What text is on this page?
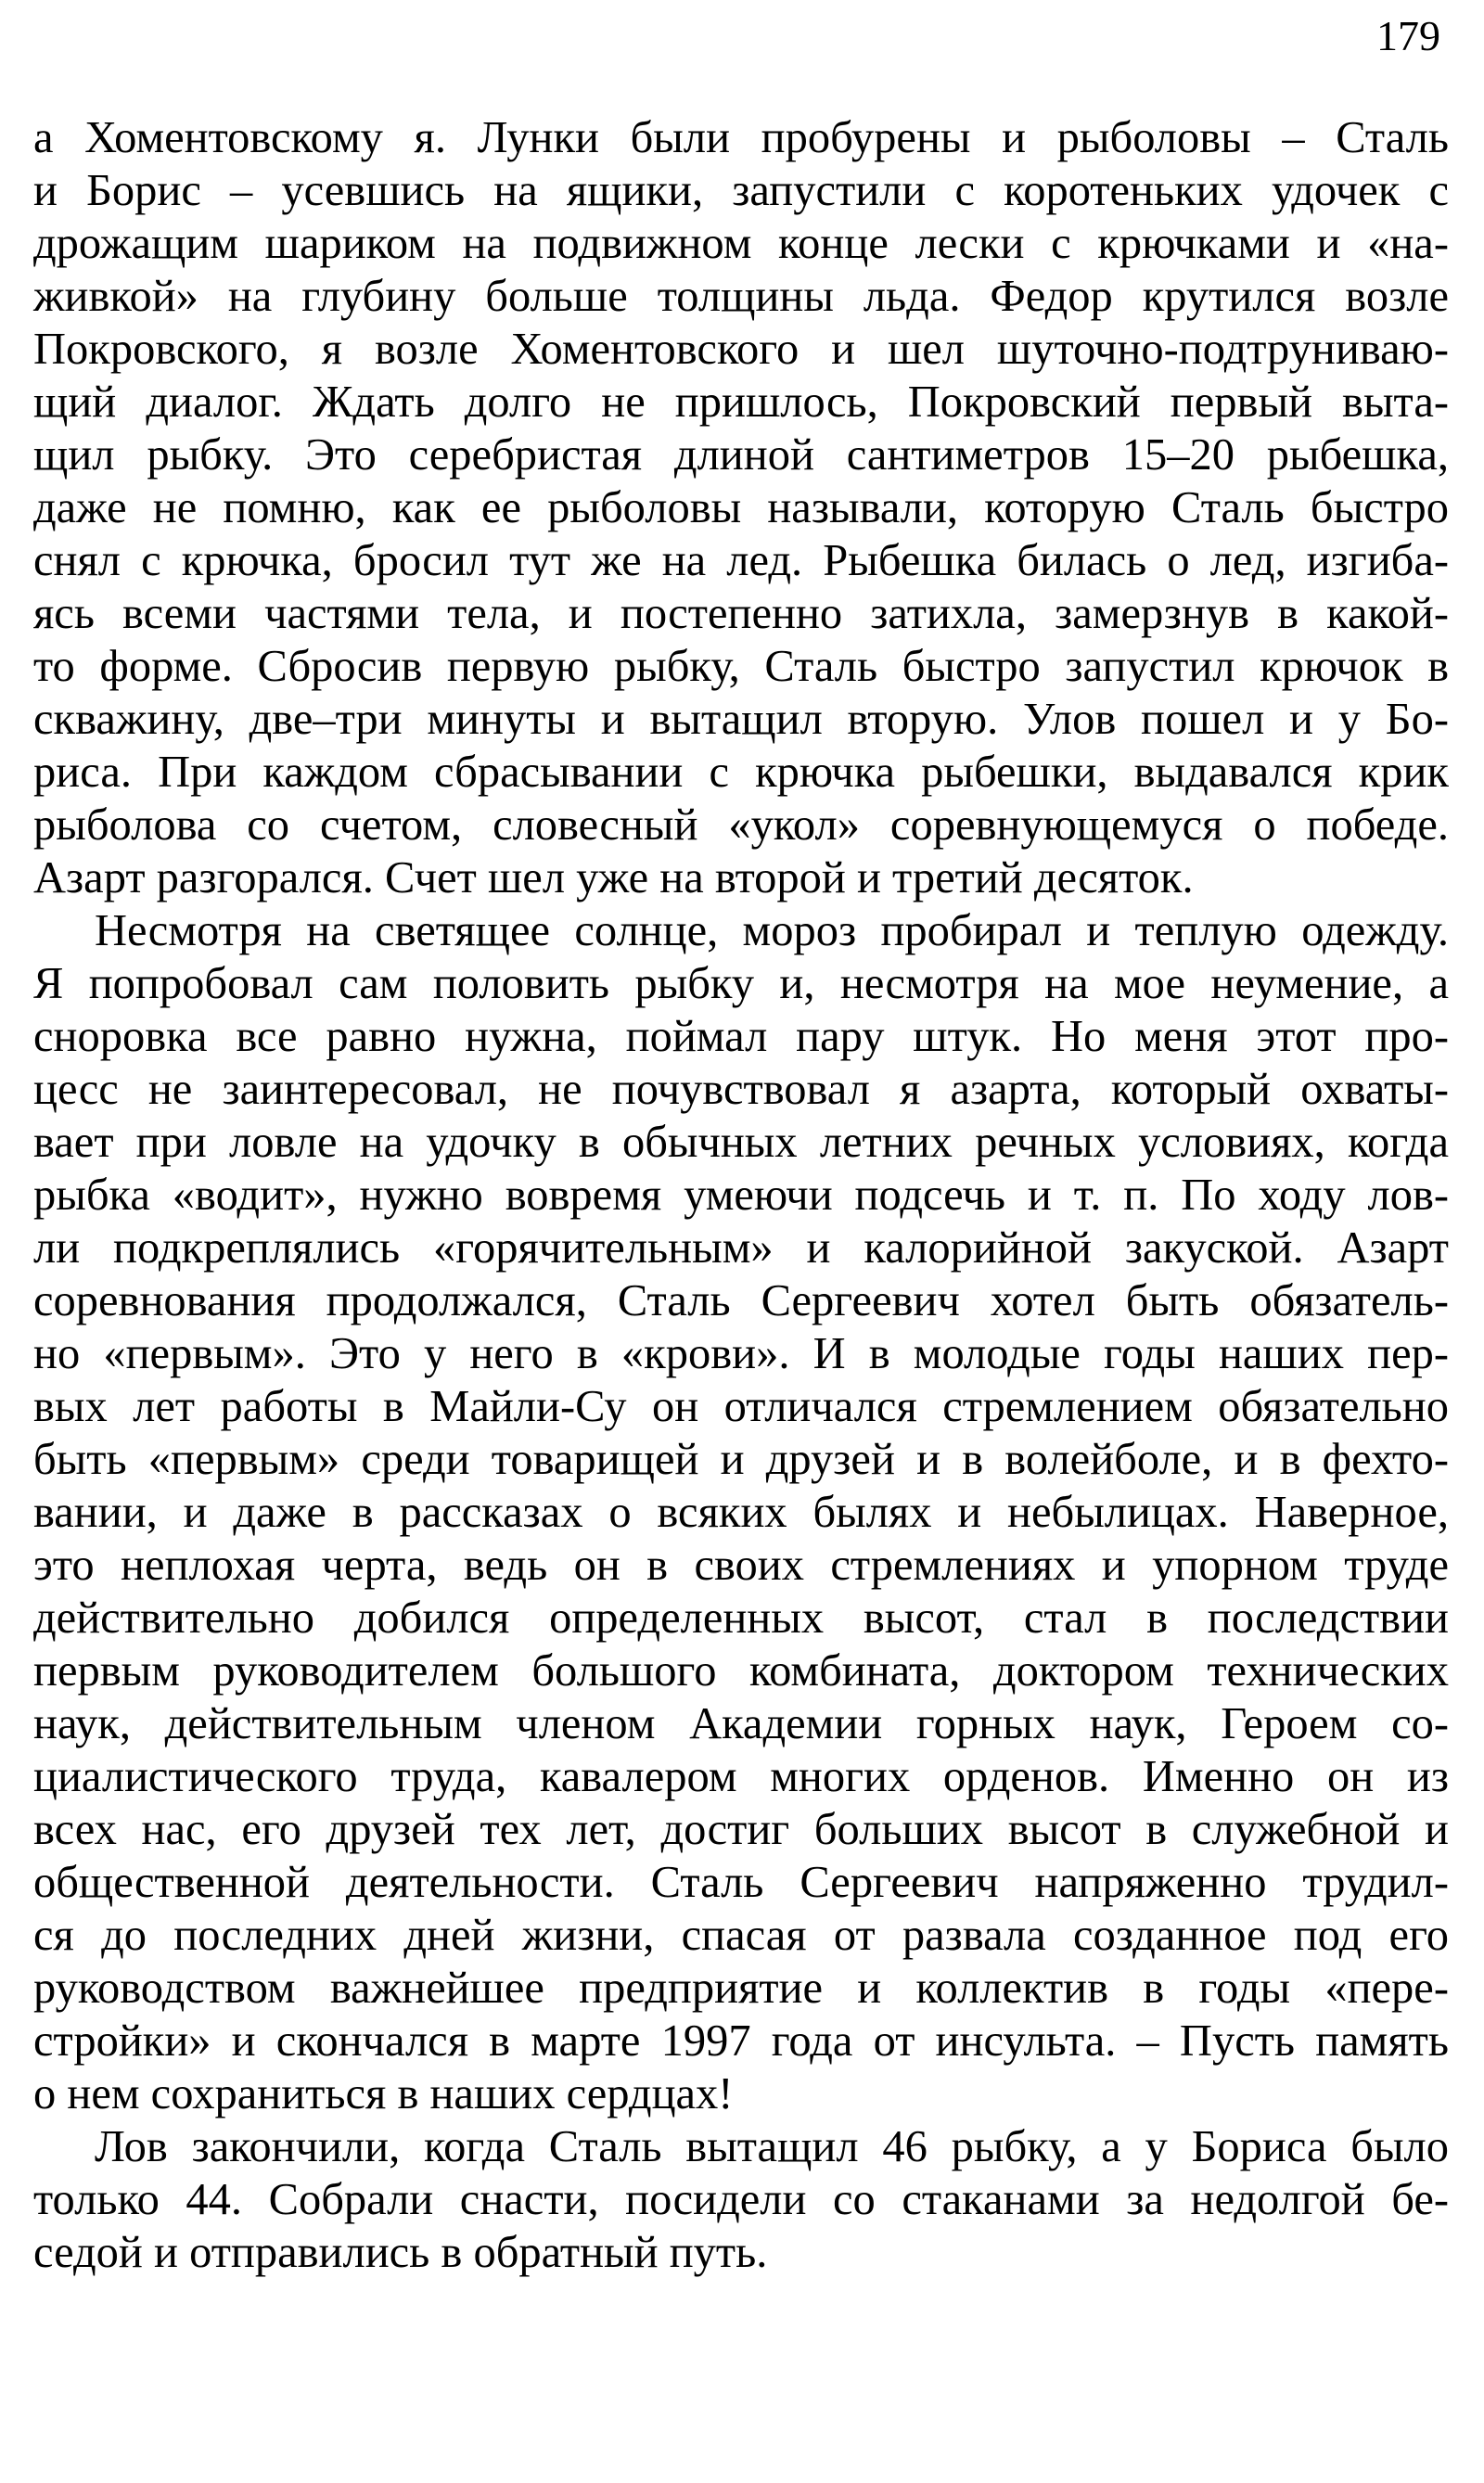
179
а Хоментовскому я. Лунки были пробурены и рыболовы – Сталь
и Борис – усевшись на ящики, запустили с коротеньких удочек с
дрожащим шариком на подвижном конце лески с крючками и «на-
живкой» на глубину больше толщины льда. Федор крутился возле
Покровского, я возле Хоментовского и шел шуточно-подтруниваю-
щий диалог. Ждать долго не пришлось, Покровский первый выта-
щил рыбку. Это серебристая длиной сантиметров 15–20 рыбешка,
даже не помню, как ее рыболовы называли, которую Сталь быстро
снял с крючка, бросил тут же на лед. Рыбешка билась о лед, изгиба-
ясь всеми частями тела, и постепенно затихла, замерзнув в какой-
то форме. Сбросив первую рыбку, Сталь быстро запустил крючок в
скважину, две–три минуты и вытащил вторую. Улов пошел и у Бо-
риса. При каждом сбрасывании с крючка рыбешки, выдавался крик
рыболова со счетом, словесный «укол» соревнующемуся о победе.
Азарт разгорался. Счет шел уже на второй и третий десяток.
Несмотря на светящее солнце, мороз пробирал и теплую одежду.
Я попробовал сам половить рыбку и, несмотря на мое неумение, а
сноровка все равно нужна, поймал пару штук. Но меня этот про-
цесс не заинтересовал, не почувствовал я азарта, который охваты-
вает при ловле на удочку в обычных летних речных условиях, когда
рыбка «водит», нужно вовремя умеючи подсечь и т. п. По ходу лов-
ли подкреплялись «горячительным» и калорийной закуской. Азарт
соревнования продолжался, Сталь Сергеевич хотел быть обязатель-
но «первым». Это у него в «крови». И в молодые годы наших пер-
вых лет работы в Майли-Су он отличался стремлением обязательно
быть «первым» среди товарищей и друзей и в волейболе, и в фехто-
вании, и даже в рассказах о всяких былях и небылицах. Наверное,
это неплохая черта, ведь он в своих стремлениях и упорном труде
действительно добился определенных высот, стал в последствии
первым руководителем большого комбината, доктором технических
наук, действительным членом Академии горных наук, Героем со-
циалистического труда, кавалером многих орденов. Именно он из
всех нас, его друзей тех лет, достиг больших высот в служебной и
общественной деятельности. Сталь Сергеевич напряженно трудил-
ся до последних дней жизни, спасая от развала созданное под его
руководством важнейшее предприятие и коллектив в годы «пере-
стройки» и скончался в марте 1997 года от инсульта. – Пусть память
о нем сохраниться в наших сердцах!
Лов закончили, когда Сталь вытащил 46 рыбку, а у Бориса было
только 44. Собрали снасти, посидели со стаканами за недолгой бе-
седой и отправились в обратный путь.
